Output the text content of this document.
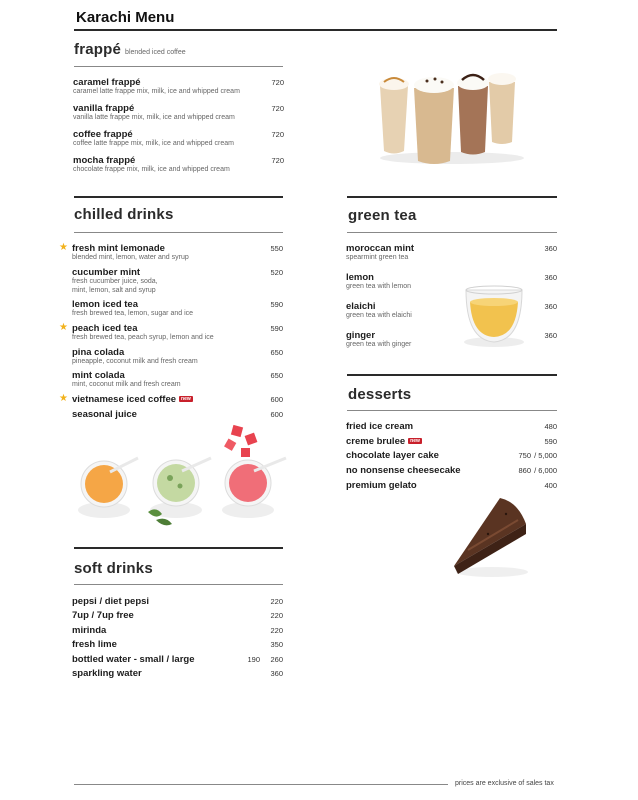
Karachi Menu
frappé blended iced coffee
caramel frappé
caramel latte frappe mix, milk, ice and whipped cream
720
vanilla frappé
vanilla latte frappe mix, milk, ice and whipped cream
720
coffee frappé
coffee latte frappe mix, milk, ice and whipped cream
720
mocha frappé
chocolate frappe mix, milk, ice and whipped cream
720
chilled drinks
★ fresh mint lemonade
blended mint, lemon, water and syrup
550
cucumber mint
fresh cucumber juice, soda,
mint, lemon, salt and syrup
520
lemon iced tea
fresh brewed tea, lemon, sugar and ice
590
★ peach iced tea
fresh brewed tea, peach syrup, lemon and ice
590
pina colada
pineapple, coconut milk and fresh cream
650
mint colada
mint, coconut milk and fresh cream
650
★ vietnamese iced coffee new	600
seasonal juice	600
soft drinks
pepsi / diet pepsi	220
7up / 7up free	220
mirinda	220
fresh lime	350
bottled water - small / large	190 260
sparkling water	360
green tea
moroccan mint
spearmint green tea
360
lemon
green tea with lemon
360
elaichi
green tea with elaichi
360
ginger
green tea with ginger
360
desserts
fried ice cream	480
creme brulee new	590
chocolate layer cake	750 / 5,000
no nonsense cheesecake	860 / 6,000
premium gelato	400
prices are exclusive of sales tax
